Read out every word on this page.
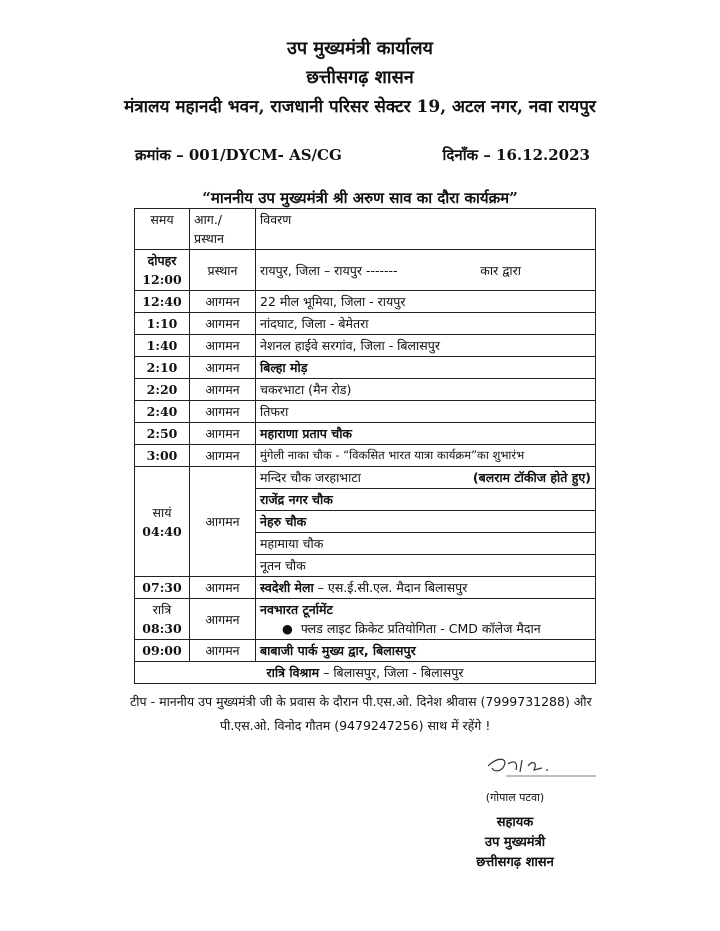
उप मुख्यमंत्री कार्यालय
छत्तीसगढ़ शासन
मंत्रालय महानदी भवन, राजधानी परिसर सेक्टर 19, अटल नगर, नवा रायपुर
क्रमांक – 001/DYCM- AS/CG	दिनाँक – 16.12.2023
“माननीय उप मुख्यमंत्री श्री अरुण साव का दौरा कार्यक्रम”
समय	आग./ प्रस्थान	विवरण
दोपहर
12:00	प्रस्थान	रायपुर, जिला – रायपुर ------- कार द्वारा

12:40	आगमन	22 मील भूमिया, जिला - रायपुर
1:10	आगमन	नांदघाट, जिला - बेमेतरा
1:40	आगमन	नेशनल हाईवे सरगांव, जिला - बिलासपुर
2:10	आगमन	बिल्हा मोड़
2:20	आगमन	चकरभाटा (मैन रोड)
2:40	आगमन	तिफरा
2:50	आगमन	महाराणा प्रताप चौक
3:00	आगमन	मुंगेली नाका चौक - “विकसित भारत यात्रा कार्यक्रम”का शुभारंभ
सायं
04:40	आगमन	मन्दिर चौक जरहाभाटा (बलराम टॉकीज होते हुए)

		राजेंद्र नगर चौक
		नेहरु चौक
		महामाया चौक
		नूतन चौक
07:30	आगमन	स्वदेशी मेला – एस.ई.सी.एल. मैदान बिलासपुर
रात्रि
08:30	आगमन	नवभारत टूर्नामेंट
●  फ्लड लाइट क्रिकेट प्रतियोगिता - CMD कॉलेज मैदान
09:00	आगमन	बाबाजी पार्क मुख्य द्वार, बिलासपुर
रात्रि विश्राम – बिलासपुर, जिला - बिलासपुर		
टीप - माननीय उप मुख्यमंत्री जी के प्रवास के दौरान पी.एस.ओ. दिनेश श्रीवास (7999731288) और
पी.एस.ओ. विनोद गौतम (9479247256) साथ में रहेंगे !
(गोपाल पटवा)
सहायक
उप मुख्यमंत्री
छत्तीसगढ़ शासन
